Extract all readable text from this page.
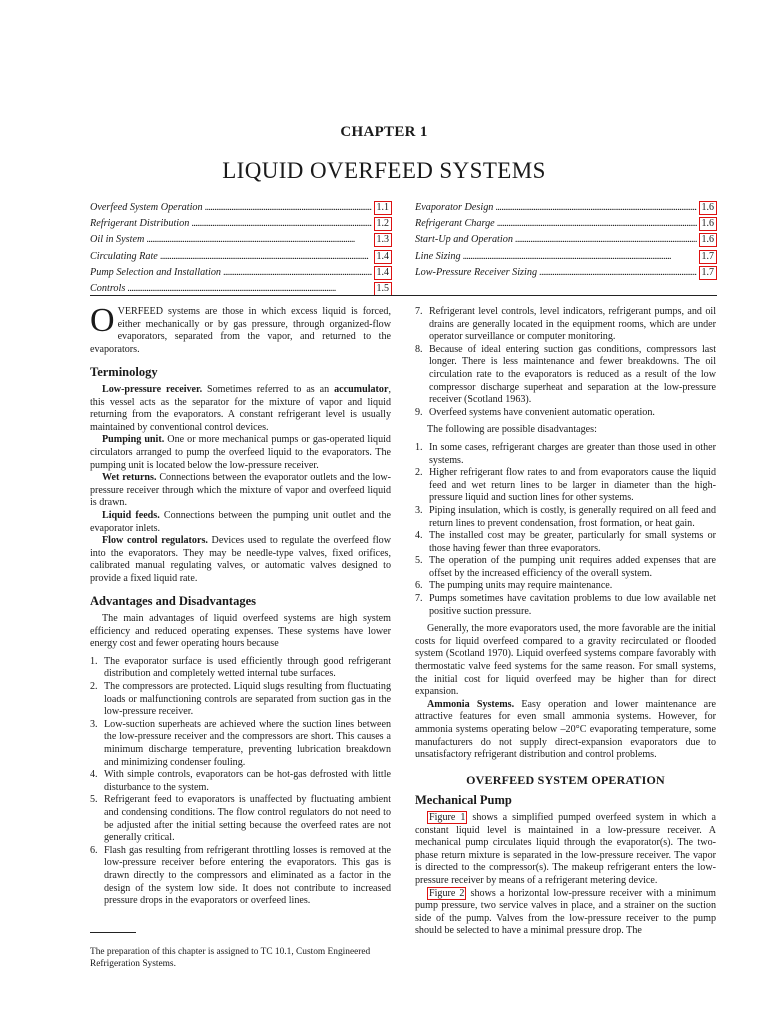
CHAPTER 1
LIQUID OVERFEED SYSTEMS
Overfeed System Operation . . .	1.1
Refrigerant Distribution . . .	1.2
Oil in System . . .	1.3
Circulating Rate . . .	1.4
Pump Selection and Installation . . .	1.4
Controls . . .	1.5
Evaporator Design . . .	1.6
Refrigerant Charge . . .	1.6
Start-Up and Operation . . .	1.6
Line Sizing . . .	1.7
Low-Pressure Receiver Sizing . . .	1.7

OVERFEED systems are those in which excess liquid is forced, either mechanically or by gas pressure, through organized-flow evaporators, separated from the vapor, and returned to the evaporators.

Terminology

Low-pressure receiver. Sometimes referred to as an accumulator, this vessel acts as the separator for the mixture of vapor and liquid returning from the evaporators. A constant refrigerant level is usually maintained by conventional control devices.

Pumping unit. One or more mechanical pumps or gas-operated liquid circulators arranged to pump the overfeed liquid to the evaporators. The pumping unit is located below the low-pressure receiver.

Wet returns. Connections between the evaporator outlets and the low-pressure receiver through which the mixture of vapor and overfeed liquid is drawn.

Liquid feeds. Connections between the pumping unit outlet and the evaporator inlets.

Flow control regulators. Devices used to regulate the overfeed flow into the evaporators. They may be needle-type valves, fixed orifices, calibrated manual regulating valves, or automatic valves designed to provide a fixed liquid rate.

Advantages and Disadvantages

The main advantages of liquid overfeed systems are high system efficiency and reduced operating expenses. These systems have lower energy cost and fewer operating hours because

1. The evaporator surface is used efficiently through good refrigerant distribution and completely wetted internal tube surfaces.
2. The compressors are protected. Liquid slugs resulting from fluctuating loads or malfunctioning controls are separated from suction gas in the low-pressure receiver.
3. Low-suction superheats are achieved where the suction lines between the low-pressure receiver and the compressors are short. This causes a minimum discharge temperature, preventing lubrication breakdown and minimizing condenser fouling.
4. With simple controls, evaporators can be hot-gas defrosted with little disturbance to the system.
5. Refrigerant feed to evaporators is unaffected by fluctuating ambient and condensing conditions. The flow control regulators do not need to be adjusted after the initial setting because the overfeed rates are not generally critical.
6. Flash gas resulting from refrigerant throttling losses is removed at the low-pressure receiver before entering the evaporators. This gas is drawn directly to the compressors and eliminated as a factor in the design of the system low side. It does not contribute to increased pressure drops in the evaporators or overfeed lines.
The preparation of this chapter is assigned to TC 10.1, Custom Engineered Refrigeration Systems.
7. Refrigerant level controls, level indicators, refrigerant pumps, and oil drains are generally located in the equipment rooms, which are under operator surveillance or computer monitoring.
8. Because of ideal entering suction gas conditions, compressors last longer. There is less maintenance and fewer breakdowns. The oil circulation rate to the evaporators is reduced as a result of the low compressor discharge superheat and separation at the low-pressure receiver (Scotland 1963).
9. Overfeed systems have convenient automatic operation.

The following are possible disadvantages:

1. In some cases, refrigerant charges are greater than those used in other systems.
2. Higher refrigerant flow rates to and from evaporators cause the liquid feed and wet return lines to be larger in diameter than the high-pressure liquid and suction lines for other systems.
3. Piping insulation, which is costly, is generally required on all feed and return lines to prevent condensation, frost formation, or heat gain.
4. The installed cost may be greater, particularly for small systems or those having fewer than three evaporators.
5. The operation of the pumping unit requires added expenses that are offset by the increased efficiency of the overall system.
6. The pumping units may require maintenance.
7. Pumps sometimes have cavitation problems to due low available net positive suction pressure.

Generally, the more evaporators used, the more favorable are the initial costs for liquid overfeed compared to a gravity recirculated or flooded system (Scotland 1970). Liquid overfeed systems compare favorably with thermostatic valve feed systems for the same reason. For small systems, the initial cost for liquid overfeed may be higher than for direct expansion.

Ammonia Systems. Easy operation and lower maintenance are attractive features for even small ammonia systems. However, for ammonia systems operating below –20°C evaporating temperature, some manufacturers do not supply direct-expansion evaporators due to unsatisfactory refrigerant distribution and control problems.

OVERFEED SYSTEM OPERATION
Mechanical Pump

Figure 1 shows a simplified pumped overfeed system in which a constant liquid level is maintained in a low-pressure receiver. A mechanical pump circulates liquid through the evaporator(s). The two-phase return mixture is separated in the low-pressure receiver. The vapor is directed to the compressor(s). The makeup refrigerant enters the low-pressure receiver by means of a refrigerant metering device.

Figure 2 shows a horizontal low-pressure receiver with a minimum pump pressure, two service valves in place, and a strainer on the suction side of the pump. Valves from the low-pressure receiver to the pump should be selected to have a minimal pressure drop. The
